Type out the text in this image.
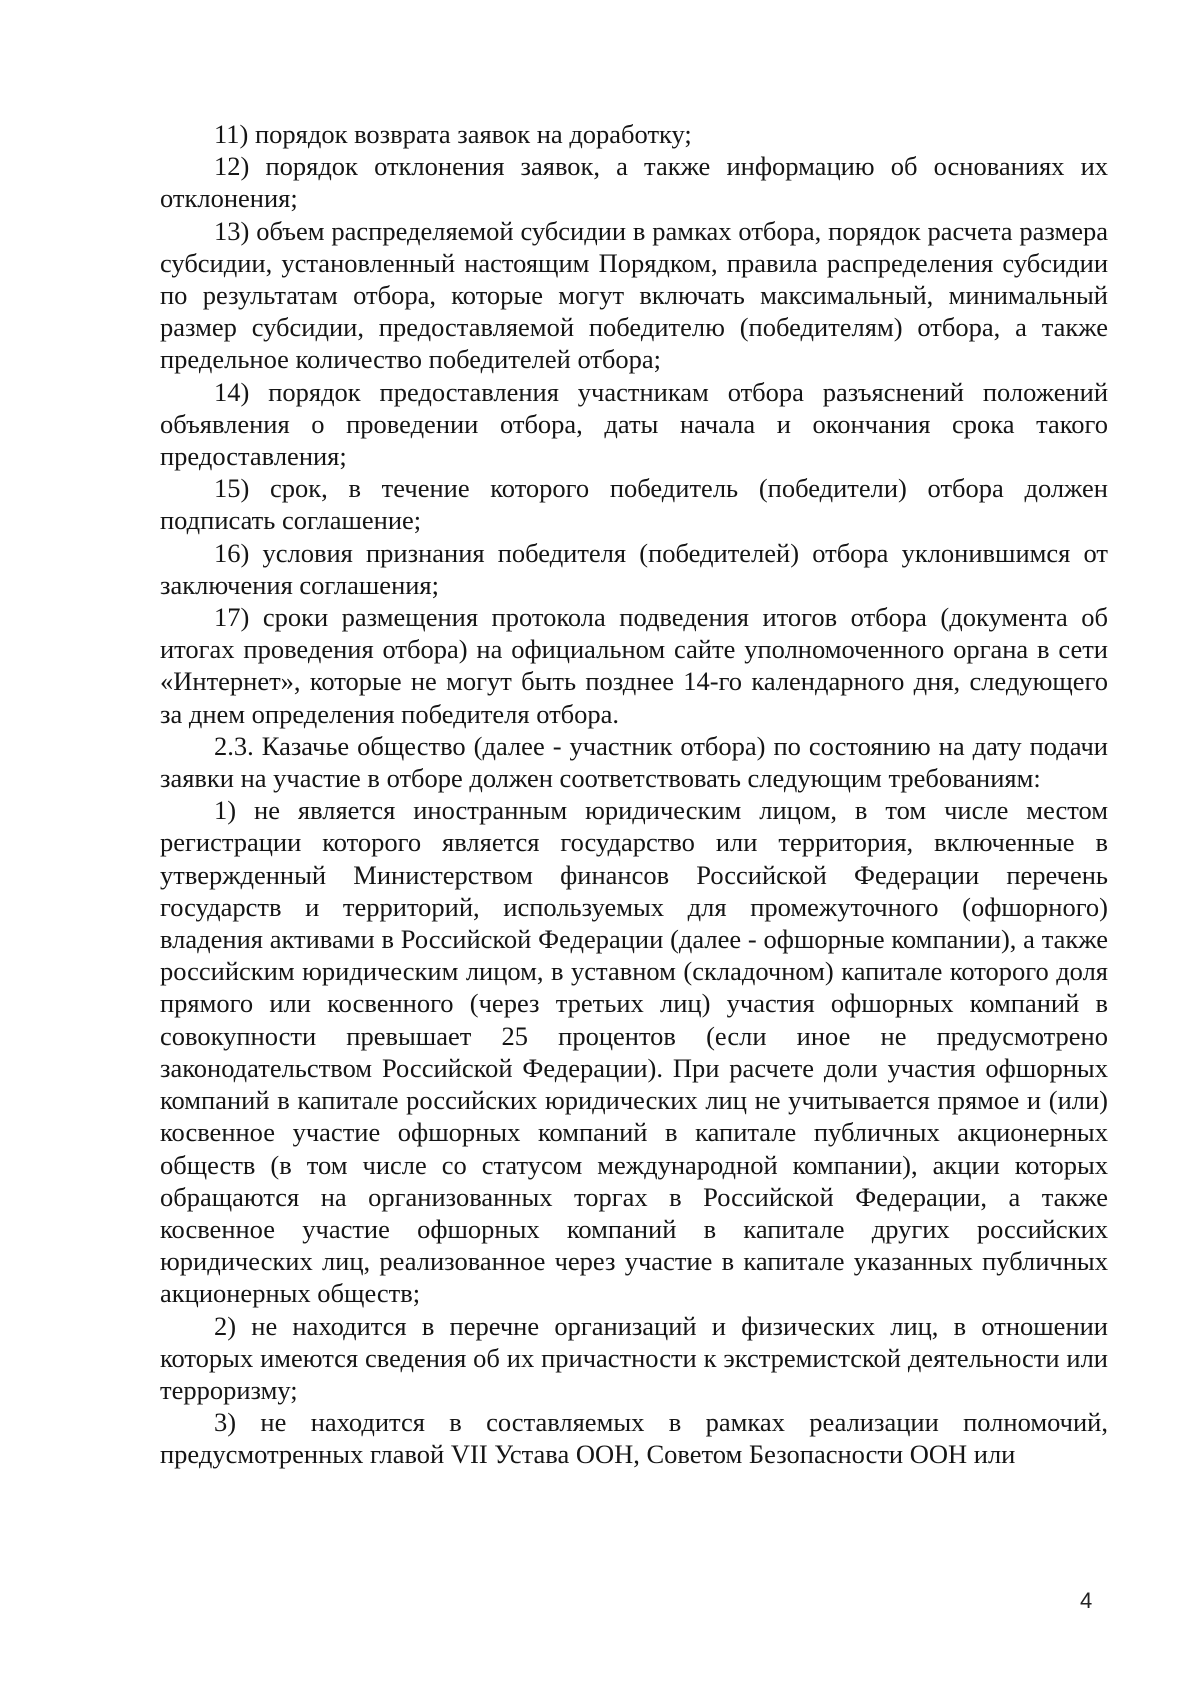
11) порядок возврата заявок на доработку;

12) порядок отклонения заявок, а также информацию об основаниях их отклонения;

13) объем распределяемой субсидии в рамках отбора, порядок расчета размера субсидии, установленный настоящим Порядком, правила распределения субсидии по результатам отбора, которые могут включать максимальный, минимальный размер субсидии, предоставляемой победителю (победителям) отбора, а также предельное количество победителей отбора;

14) порядок предоставления участникам отбора разъяснений положений объявления о проведении отбора, даты начала и окончания срока такого предоставления;

15) срок, в течение которого победитель (победители) отбора должен подписать соглашение;

16) условия признания победителя (победителей) отбора уклонившимся от заключения соглашения;

17) сроки размещения протокола подведения итогов отбора (документа об итогах проведения отбора) на официальном сайте уполномоченного органа в сети «Интернет», которые не могут быть позднее 14-го календарного дня, следующего за днем определения победителя отбора.

2.3. Казачье общество (далее - участник отбора) по состоянию на дату подачи заявки на участие в отборе должен соответствовать следующим требованиям:

1) не является иностранным юридическим лицом, в том числе местом регистрации которого является государство или территория, включенные в утвержденный Министерством финансов Российской Федерации перечень государств и территорий, используемых для промежуточного (офшорного) владения активами в Российской Федерации (далее - офшорные компании), а также российским юридическим лицом, в уставном (складочном) капитале которого доля прямого или косвенного (через третьих лиц) участия офшорных компаний в совокупности превышает 25 процентов (если иное не предусмотрено законодательством Российской Федерации). При расчете доли участия офшорных компаний в капитале российских юридических лиц не учитывается прямое и (или) косвенное участие офшорных компаний в капитале публичных акционерных обществ (в том числе со статусом международной компании), акции которых обращаются на организованных торгах в Российской Федерации, а также косвенное участие офшорных компаний в капитале других российских юридических лиц, реализованное через участие в капитале указанных публичных акционерных обществ;

2) не находится в перечне организаций и физических лиц, в отношении которых имеются сведения об их причастности к экстремистской деятельности или терроризму;

3) не находится в составляемых в рамках реализации полномочий, предусмотренных главой VII Устава ООН, Советом Безопасности ООН или

4
